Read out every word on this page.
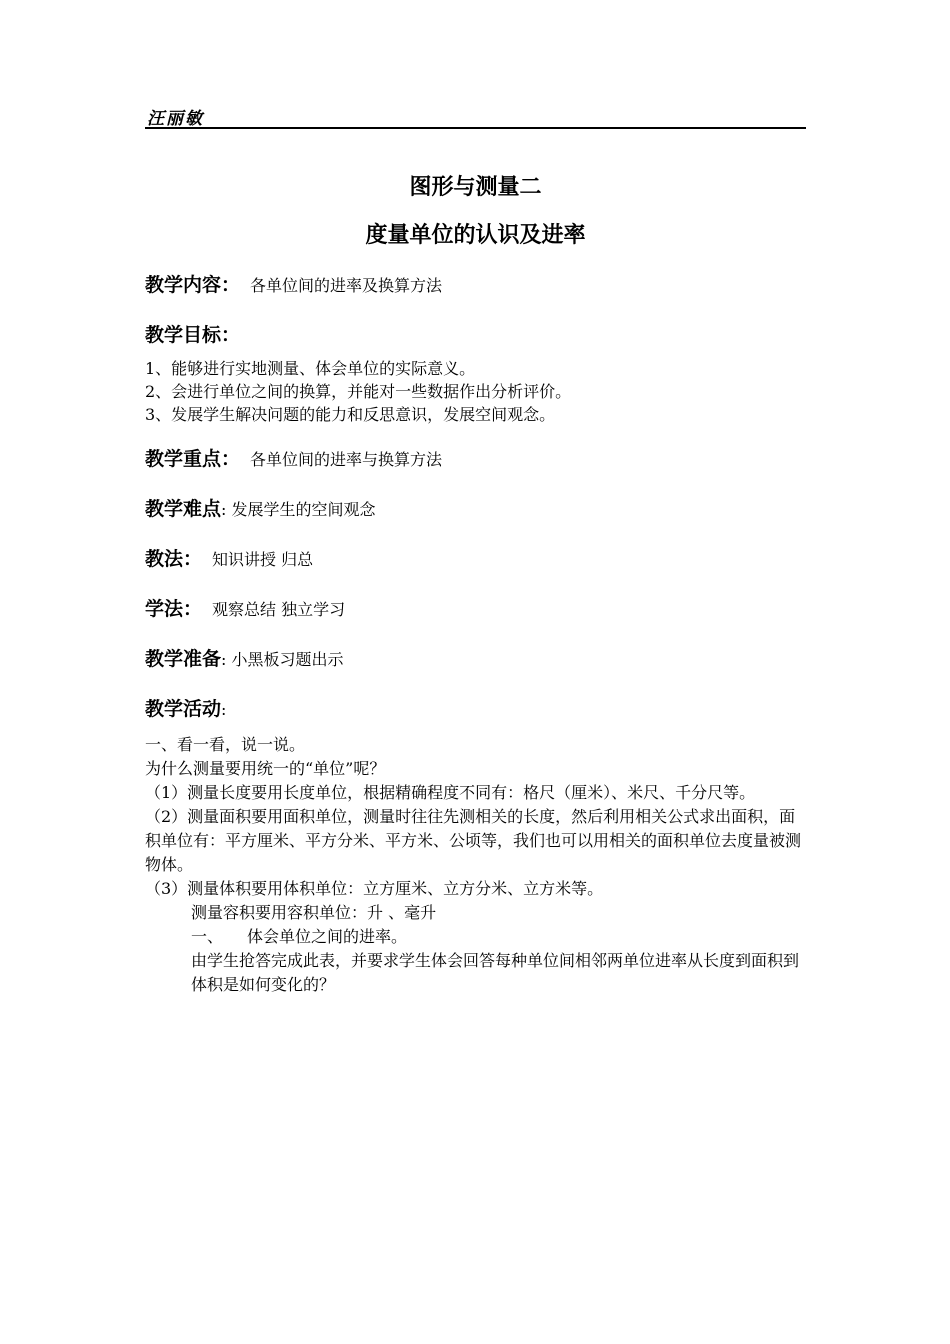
汪丽敏
图形与测量二
度量单位的认识及进率
教学内容： 各单位间的进率及换算方法
教学目标：
1、能够进行实地测量、体会单位的实际意义。
2、会进行单位之间的换算，并能对一些数据作出分析评价。
3、发展学生解决问题的能力和反思意识，发展空间观念。
教学重点： 各单位间的进率与换算方法
教学难点: 发展学生的空间观念
教法： 知识讲授 归总
学法： 观察总结 独立学习
教学准备: 小黑板习题出示
教学活动:

一、看一看，说一说。

为什么测量要用统一的“单位”呢？

（1）测量长度要用长度单位，根据精确程度不同有：格尺（厘米）、米尺、千分尺等。

（2）测量面积要用面积单位，测量时往往先测相关的长度，然后利用相关公式求出面积，面积单位有：平方厘米、平方分米、平方米、公顷等，我们也可以用相关的面积单位去度量被测物体。

（3）测量体积要用体积单位：立方厘米、立方分米、立方米等。

测量容积要用容积单位：升 、毫升

一、 体会单位之间的进率。

由学生抢答完成此表，并要求学生体会回答每种单位间相邻两单位进率从长度到面积到体积是如何变化的？
